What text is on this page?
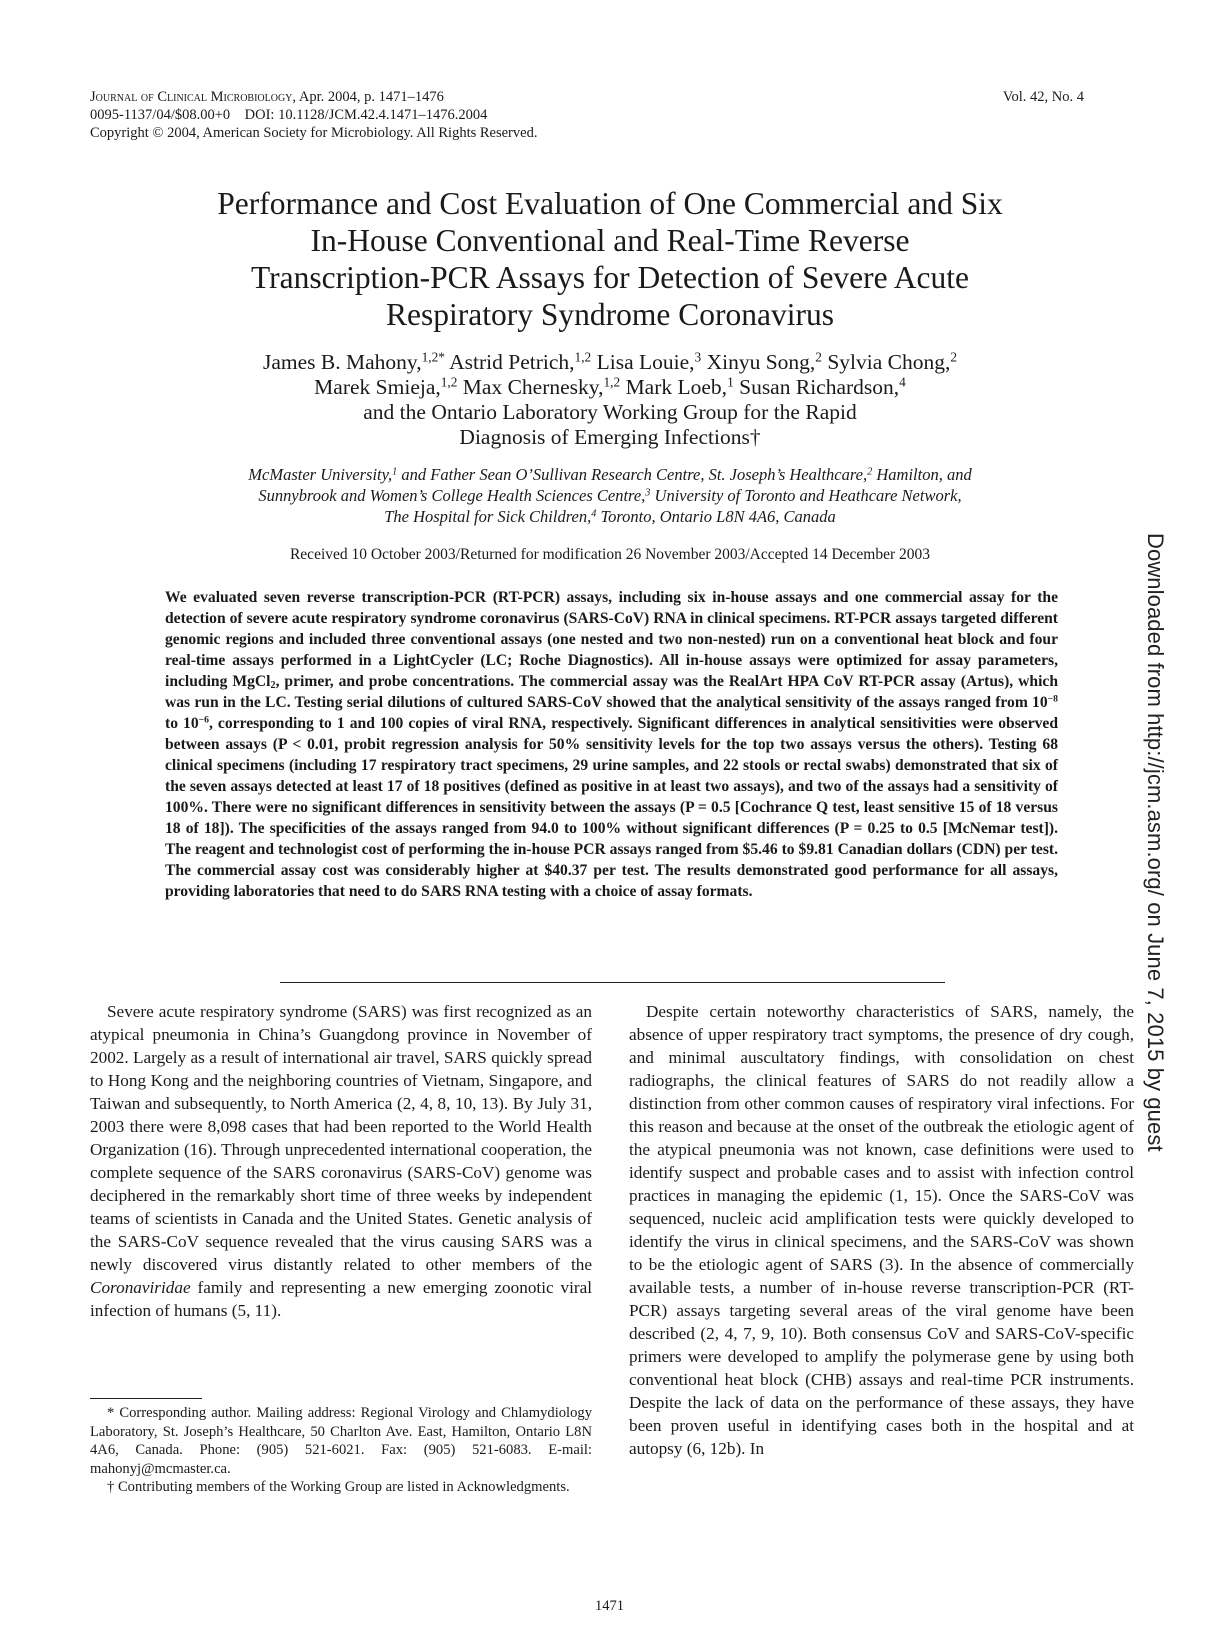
Journal of Clinical Microbiology, Apr. 2004, p. 1471–1476
0095-1137/04/$08.00+0    DOI: 10.1128/JCM.42.4.1471–1476.2004
Copyright © 2004, American Society for Microbiology. All Rights Reserved.
Vol. 42, No. 4
Performance and Cost Evaluation of One Commercial and Six
In-House Conventional and Real-Time Reverse
Transcription-PCR Assays for Detection of Severe Acute
Respiratory Syndrome Coronavirus
James B. Mahony,$^{1,2*}$ Astrid Petrich,$^{1,2}$ Lisa Louie,$^3$ Xinyu Song,$^2$ Sylvia Chong,$^2$
Marek Smieja,$^{1,2}$ Max Chernesky,$^{1,2}$ Mark Loeb,$^1$ Susan Richardson,$^4$
and the Ontario Laboratory Working Group for the Rapid
Diagnosis of Emerging Infections†
McMaster University,$^1$ and Father Sean O’Sullivan Research Centre, St. Joseph’s Healthcare,$^2$ Hamilton, and
Sunnybrook and Women’s College Health Sciences Centre,$^3$ University of Toronto and Heathcare Network,
The Hospital for Sick Children,$^4$ Toronto, Ontario L8N 4A6, Canada
Received 10 October 2003/Returned for modification 26 November 2003/Accepted 14 December 2003
We evaluated seven reverse transcription-PCR (RT-PCR) assays, including six in-house assays and one commercial assay for the detection of severe acute respiratory syndrome coronavirus (SARS-CoV) RNA in clinical specimens. RT-PCR assays targeted different genomic regions and included three conventional assays (one nested and two non-nested) run on a conventional heat block and four real-time assays performed in a LightCycler (LC; Roche Diagnostics). All in-house assays were optimized for assay parameters, including MgCl$_2$, primer, and probe concentrations. The commercial assay was the RealArt HPA CoV RT-PCR assay (Artus), which was run in the LC. Testing serial dilutions of cultured SARS-CoV showed that the analytical sensitivity of the assays ranged from $10^{-8}$ to $10^{-6}$, corresponding to 1 and 100 copies of viral RNA, respectively. Significant differences in analytical sensitivities were observed between assays (P < 0.01, probit regression analysis for 50% sensitivity levels for the top two assays versus the others). Testing 68 clinical specimens (including 17 respiratory tract specimens, 29 urine samples, and 22 stools or rectal swabs) demonstrated that six of the seven assays detected at least 17 of 18 positives (defined as positive in at least two assays), and two of the assays had a sensitivity of 100%. There were no significant differences in sensitivity between the assays (P = 0.5 [Cochrance Q test, least sensitive 15 of 18 versus 18 of 18]). The specificities of the assays ranged from 94.0 to 100% without significant differences (P = 0.25 to 0.5 [McNemar test]). The reagent and technologist cost of performing the in-house PCR assays ranged from $5.46 to $9.81 Canadian dollars (CDN) per test. The commercial assay cost was considerably higher at $40.37 per test. The results demonstrated good performance for all assays, providing laboratories that need to do SARS RNA testing with a choice of assay formats.

Severe acute respiratory syndrome (SARS) was first recognized as an atypical pneumonia in China’s Guangdong province in November of 2002. Largely as a result of international air travel, SARS quickly spread to Hong Kong and the neighboring countries of Vietnam, Singapore, and Taiwan and subsequently, to North America (2, 4, 8, 10, 13). By July 31, 2003 there were 8,098 cases that had been reported to the World Health Organization (16). Through unprecedented international cooperation, the complete sequence of the SARS coronavirus (SARS-CoV) genome was deciphered in the remarkably short time of three weeks by independent teams of scientists in Canada and the United States. Genetic analysis of the SARS-CoV sequence revealed that the virus causing SARS was a newly discovered virus distantly related to other members of the Coronaviridae family and representing a new emerging zoonotic viral infection of humans (5, 11).

Despite certain noteworthy characteristics of SARS, namely, the absence of upper respiratory tract symptoms, the presence of dry cough, and minimal auscultatory findings, with consolidation on chest radiographs, the clinical features of SARS do not readily allow a distinction from other common causes of respiratory viral infections. For this reason and because at the onset of the outbreak the etiologic agent of the atypical pneumonia was not known, case definitions were used to identify suspect and probable cases and to assist with infection control practices in managing the epidemic (1, 15). Once the SARS-CoV was sequenced, nucleic acid amplification tests were quickly developed to identify the virus in clinical specimens, and the SARS-CoV was shown to be the etiologic agent of SARS (3). In the absence of commercially available tests, a number of in-house reverse transcription-PCR (RT-PCR) assays targeting several areas of the viral genome have been described (2, 4, 7, 9, 10). Both consensus CoV and SARS-CoV-specific primers were developed to amplify the polymerase gene by using both conventional heat block (CHB) assays and real-time PCR instruments. Despite the lack of data on the performance of these assays, they have been proven useful in identifying cases both in the hospital and at autopsy (6, 12b). In

* Corresponding author. Mailing address: Regional Virology and Chlamydiology Laboratory, St. Joseph’s Healthcare, 50 Charlton Ave. East, Hamilton, Ontario L8N 4A6, Canada. Phone: (905) 521-6021. Fax: (905) 521-6083. E-mail: mahonyj@mcmaster.ca.

† Contributing members of the Working Group are listed in Acknowledgments.

1471
Downloaded from http://jcm.asm.org/ on June 7, 2015 by guest
